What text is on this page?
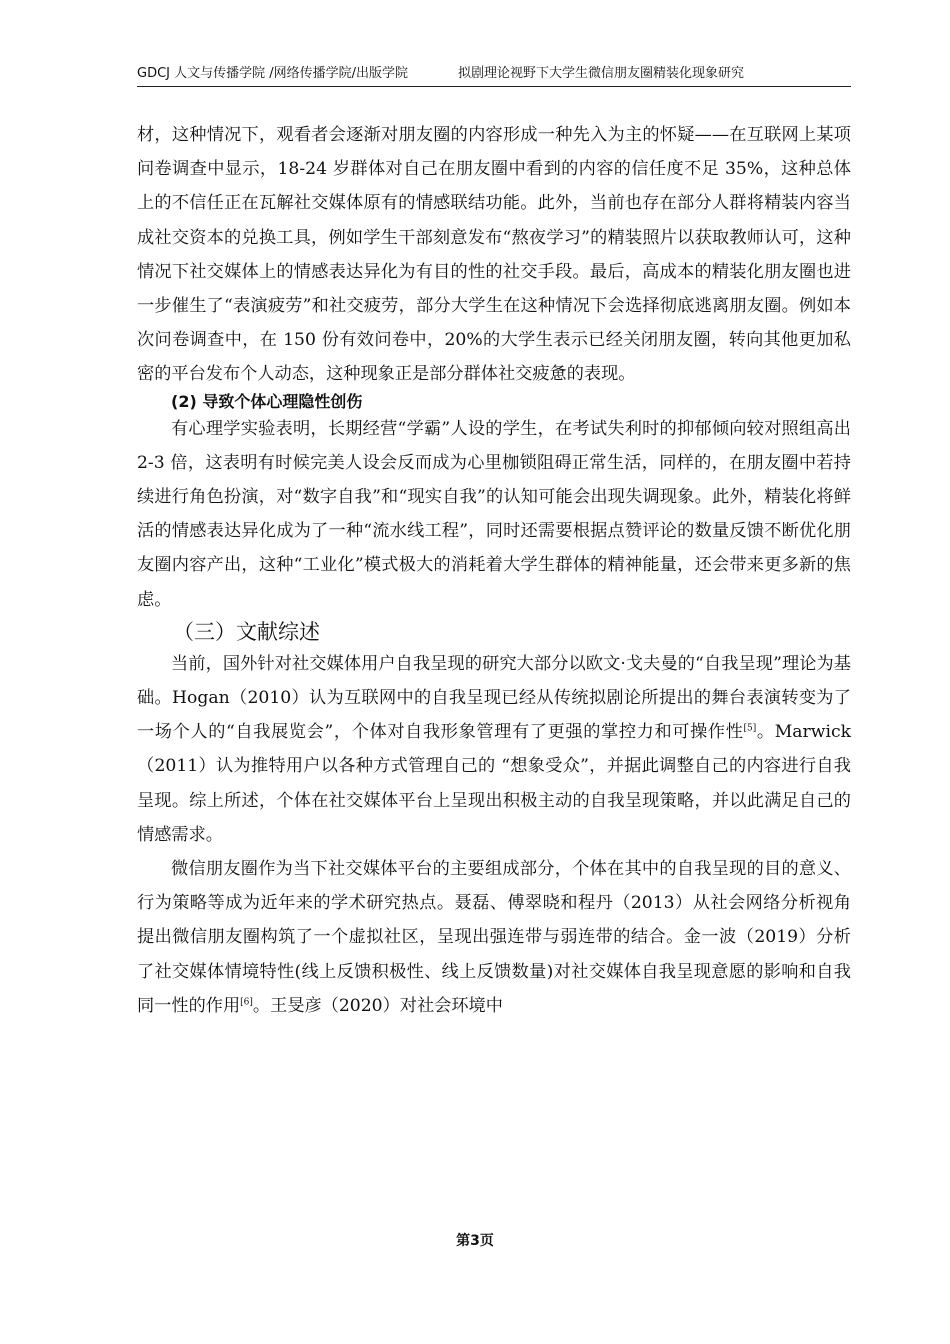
GDCJ 人文与传播学院 /网络传播学院/出版学院	拟剧理论视野下大学生微信朋友圈精装化现象研究

材，这种情况下，观看者会逐渐对朋友圈的内容形成一种先入为主的怀疑——在互联网上某项问卷调查中显示，18-24 岁群体对自己在朋友圈中看到的内容的信任度不足 35%，这种总体上的不信任正在瓦解社交媒体原有的情感联结功能。此外，当前也存在部分人群将精装内容当成社交资本的兑换工具，例如学生干部刻意发布“熬夜学习”的精装照片以获取教师认可，这种情况下社交媒体上的情感表达异化为有目的性的社交手段。最后，高成本的精装化朋友圈也进一步催生了“表演疲劳”和社交疲劳，部分大学生在这种情况下会选择彻底逃离朋友圈。例如本次问卷调查中，在 150 份有效问卷中，20%的大学生表示已经关闭朋友圈，转向其他更加私密的平台发布个人动态，这种现象正是部分群体社交疲惫的表现。

(2) 导致个体心理隐性创伤

有心理学实验表明，长期经营“学霸”人设的学生，在考试失利时的抑郁倾向较对照组高出 2-3 倍，这表明有时候完美人设会反而成为心里枷锁阻碍正常生活，同样的，在朋友圈中若持续进行角色扮演，对“数字自我”和“现实自我”的认知可能会出现失调现象。此外，精装化将鲜活的情感表达异化成为了一种“流水线工程”，同时还需要根据点赞评论的数量反馈不断优化朋友圈内容产出，这种“工业化”模式极大的消耗着大学生群体的精神能量，还会带来更多新的焦虑。

（三）文献综述

当前，国外针对社交媒体用户自我呈现的研究大部分以欧文·戈夫曼的“自我呈现”理论为基础。Hogan（2010）认为互联网中的自我呈现已经从传统拟剧论所提出的舞台表演转变为了一场个人的“自我展览会”，个体对自我形象管理有了更强的掌控力和可操作性[5]。Marwick（2011）认为推特用户以各种方式管理自己的 “想象受众”，并据此调整自己的内容进行自我呈现。综上所述，个体在社交媒体平台上呈现出积极主动的自我呈现策略，并以此满足自己的情感需求。

微信朋友圈作为当下社交媒体平台的主要组成部分，个体在其中的自我呈现的目的意义、行为策略等成为近年来的学术研究热点。聂磊、傅翠晓和程丹（2013）从社会网络分析视角提出微信朋友圈构筑了一个虚拟社区，呈现出强连带与弱连带的结合。金一波（2019）分析了社交媒体情境特性(线上反馈积极性、线上反馈数量)对社交媒体自我呈现意愿的影响和自我同一性的作用[6]。王旻彦（2020）对社会环境中

第3页
